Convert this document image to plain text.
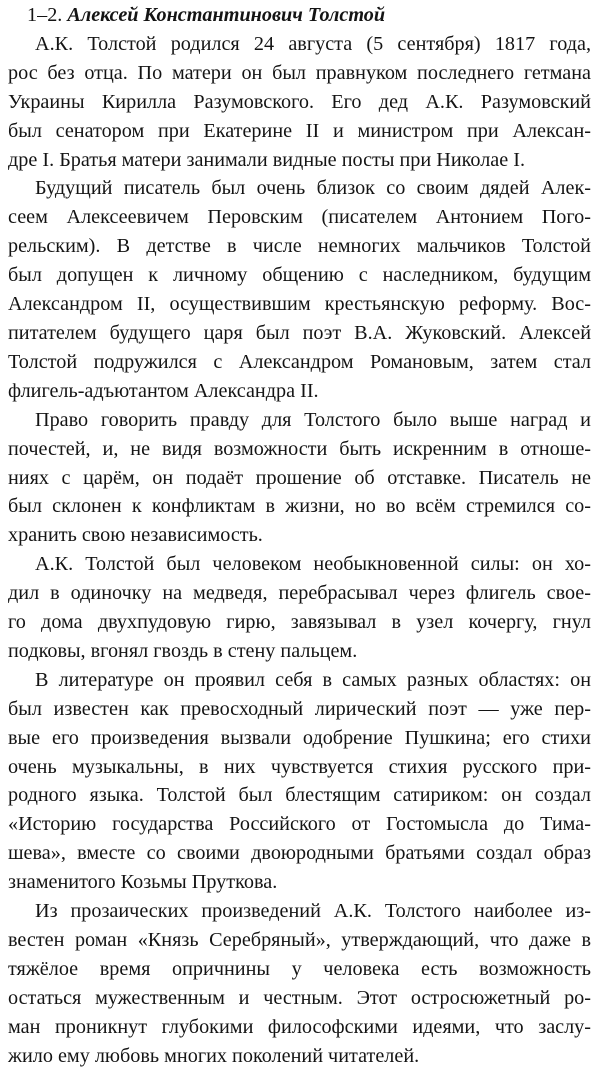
1–2. Алексей Константинович Толстой

А.К. Толстой родился 24 августа (5 сентября) 1817 года,
рос без отца. По матери он был правнуком последнего гетмана
Украины Кирилла Разумовского. Его дед А.К. Разумовский
был сенатором при Екатерине II и министром при Алексан-
дре I. Братья матери занимали видные посты при Николае I.
Будущий писатель был очень близок со своим дядей Алек-
сеем Алексеевичем Перовским (писателем Антонием Пого-
рельским). В детстве в числе немногих мальчиков Толстой
был допущен к личному общению с наследником, будущим
Александром II, осуществившим крестьянскую реформу. Вос-
питателем будущего царя был поэт В.А. Жуковский. Алексей
Толстой подружился с Александром Романовым, затем стал
флигель-адъютантом Александра II.
Право говорить правду для Толстого было выше наград и
почестей, и, не видя возможности быть искренним в отноше-
ниях с царём, он подаёт прошение об отставке. Писатель не
был склонен к конфликтам в жизни, но во всём стремился со-
хранить свою независимость.
А.К. Толстой был человеком необыкновенной силы: он хо-
дил в одиночку на медведя, перебрасывал через флигель свое-
го дома двухпудовую гирю, завязывал в узел кочергу, гнул
подковы, вгонял гвоздь в стену пальцем.
В литературе он проявил себя в самых разных областях: он
был известен как превосходный лирический поэт — уже пер-
вые его произведения вызвали одобрение Пушкина; его стихи
очень музыкальны, в них чувствуется стихия русского при-
родного языка. Толстой был блестящим сатириком: он создал
«Историю государства Российского от Гостомысла до Тима-
шева», вместе со своими двоюродными братьями создал образ
знаменитого Козьмы Пруткова.
Из прозаических произведений А.К. Толстого наиболее из-
вестен роман «Князь Серебряный», утверждающий, что даже в
тяжёлое время опричнины у человека есть возможность
остаться мужественным и честным. Этот остросюжетный ро-
ман проникнут глубокими философскими идеями, что заслу-
жило ему любовь многих поколений читателей.
